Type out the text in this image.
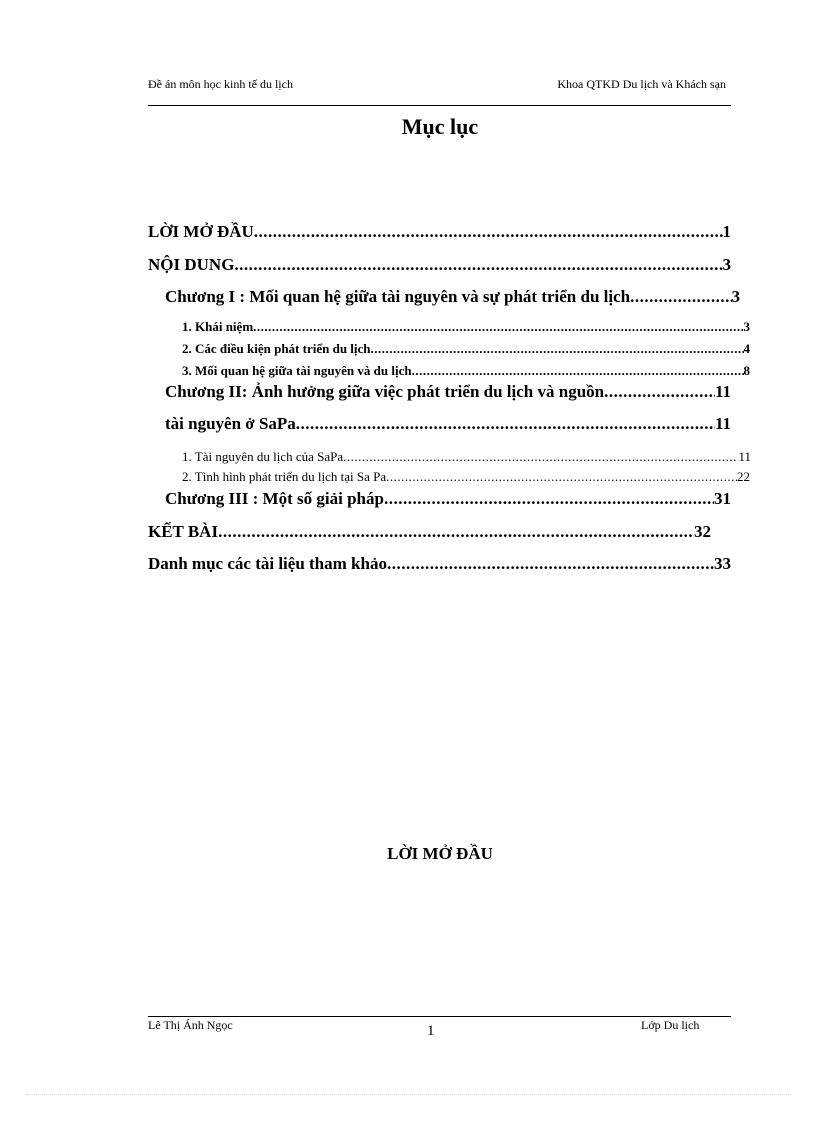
Đề án môn học kinh tế du lịch	Khoa QTKD Du lịch và Khách sạn
Mục lục
LỜI MỞ ĐẦU .....	1
NỘI DUNG .....	3
Chương I : Mối quan hệ giữa tài nguyên và sự phát triển du lịch .....	3
1. Khái niệm .....	3
2. Các điều kiện phát triển du lịch .....	4
3. Mối quan hệ giữa tài nguyên và du lịch .....	8
Chương II: Ảnh hưởng giữa việc phát triển du lịch và nguồn .....	11
tài nguyên ở SaPa .....	11
1. Tài nguyên du lịch của SaPa .....	11
2. Tình hình phát triển du lịch tại Sa Pa .....	22
Chương III : Một số giải pháp .....	31
KẾT BÀI .....	32
Danh mục các tài liệu tham khảo .....	33
LỜI MỞ ĐẦU
Lê Thị Ánh Ngọc	1	Lớp Du lịch
